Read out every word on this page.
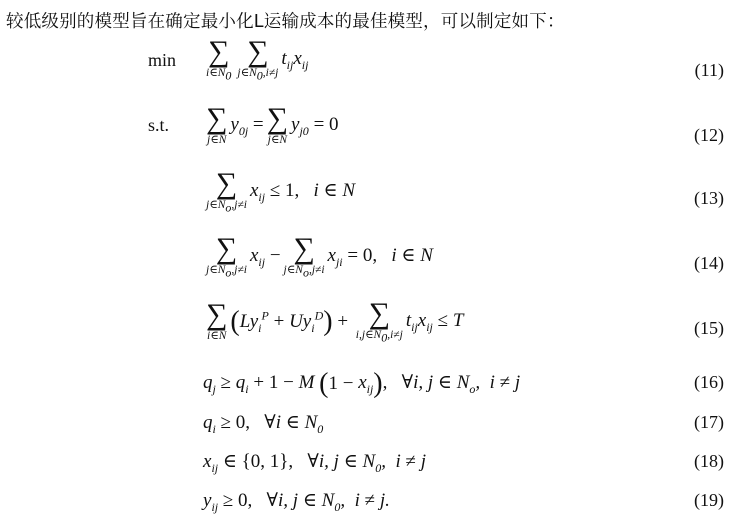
较低级别的模型旨在确定最小化L运输成本的最佳模型，可以制定如下：
min
s.t.
∑
$i\in N_0$
∑
$j\in N_0,i\ne j$
$t_{ij}x_{ij}$	(11)
∑
j∈N
$y_{0j}$ = ∑
j∈N
$y_{j0} = 0$
(12)
∑
$j\in N_o,j\ne i$
$x_{ij} \le 1$,   i ∈ N	(13)
∑
$j\in N_o,j\ne i$
$x_{ij}$ − ∑
$j\in N_o,j\ne i$
$x_{ji} = 0$,   i ∈ N	(14)
∑
i∈N $(Ly_i^P + Uy_i^D)$ + ∑
$i,j\in N_0,i\ne j$
$t_{ij}x_{ij} \le T$	(15)
$q_j \ge q_i + 1 - M$ $(1 - x_{ij})$, ∀i, j ∈ $N_o$,  i ≠ j	(16)
$q_i \ge 0$, ∀i ∈ $N_0$	(17)
$x_{ij}$ ∈ {0, 1}, ∀i, j ∈ $N_0$,  i ≠ j	(18)
$y_{ij} \ge 0$, ∀i, j ∈ $N_0$,  i ≠ j.	(19)
